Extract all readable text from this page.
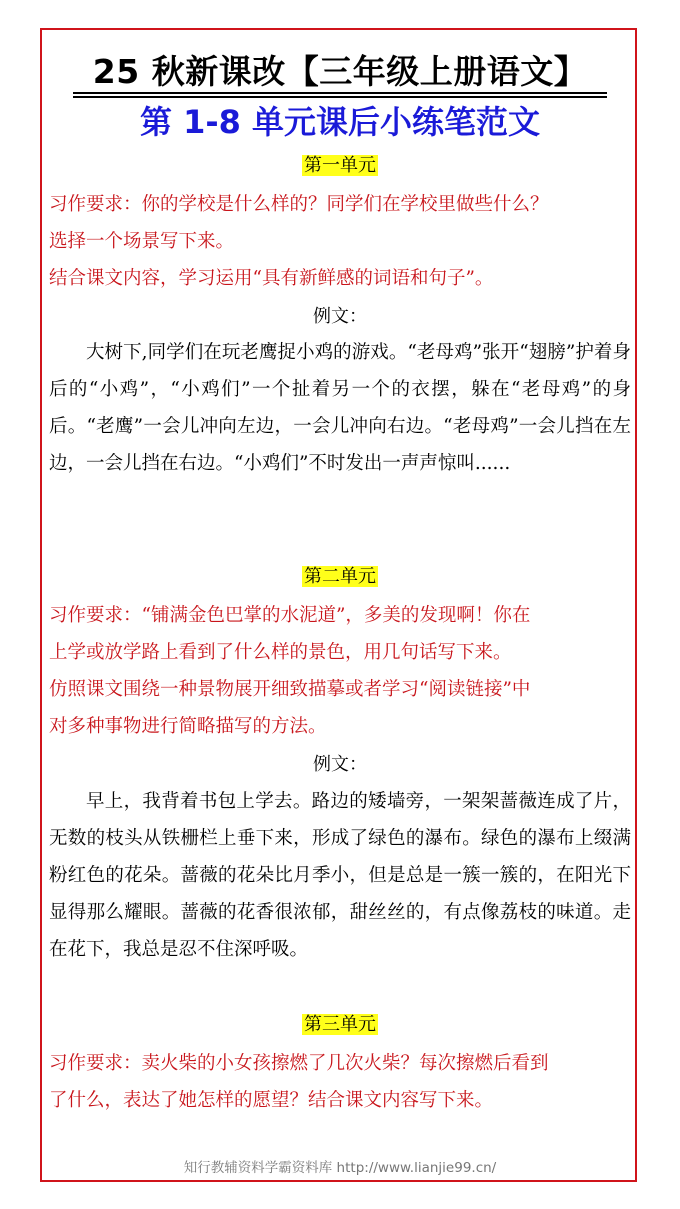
25 秋新课改【三年级上册语文】
第 1-8 单元课后小练笔范文
第一单元
习作要求：你的学校是什么样的？同学们在学校里做些什么？
选择一个场景写下来。
结合课文内容，学习运用“具有新鲜感的词语和句子”。
例文：
大树下,同学们在玩老鹰捉小鸡的游戏。“老母鸡”张开“翅膀”护着身后的“小鸡”，“小鸡们”一个扯着另一个的衣摆，躲在“老母鸡”的身后。“老鹰”一会儿冲向左边，一会儿冲向右边。“老母鸡”一会儿挡在左边，一会儿挡在右边。“小鸡们”不时发出一声声惊叫......
第二单元
习作要求：“铺满金色巴掌的水泥道”，多美的发现啊！你在
上学或放学路上看到了什么样的景色，用几句话写下来。
仿照课文围绕一种景物展开细致描摹或者学习“阅读链接”中
对多种事物进行简略描写的方法。
例文：
早上，我背着书包上学去。路边的矮墙旁，一架架蔷薇连成了片，无数的枝头从铁栅栏上垂下来，形成了绿色的瀑布。绿色的瀑布上缀满粉红色的花朵。蔷薇的花朵比月季小，但是总是一簇一簇的，在阳光下显得那么耀眼。蔷薇的花香很浓郁，甜丝丝的，有点像荔枝的味道。走在花下，我总是忍不住深呼吸。
第三单元
习作要求：卖火柴的小女孩擦燃了几次火柴？每次擦燃后看到
了什么，表达了她怎样的愿望？结合课文内容写下来。
知行教辅资料学霸资料库 http://www.lianjie99.cn/
